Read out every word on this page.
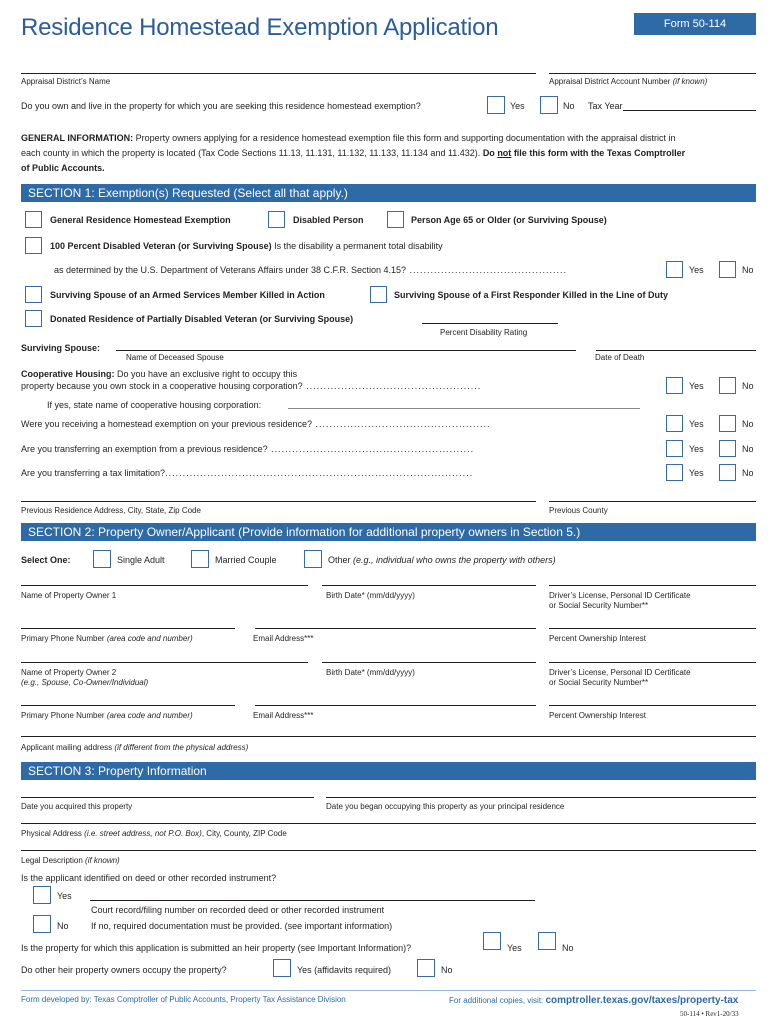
Residence Homestead Exemption Application	Form 50-114
Appraisal District’s Name	Appraisal District Account Number (if known)
Do you own and live in the property for which you are seeking this residence homestead exemption?	Yes	No Tax Year
GENERAL INFORMATION: Property owners applying for a residence homestead exemption file this form and supporting documentation with the appraisal district in
each county in which the property is located (Tax Code Sections 11.13, 11.131, 11.132, 11.133, 11.134 and 11.432). Do not file this form with the Texas Comptroller
of Public Accounts.
SECTION 1: Exemption(s) Requested (Select all that apply.)
General Residence Homestead Exemption	Disabled Person	Person Age 65 or Older (or Surviving Spouse)
100 Percent Disabled Veteran (or Surviving Spouse) Is the disability a permanent total disability
as determined by the U.S. Department of Veterans Affairs under 38 C.F.R. Section 4.15? .............................................	Yes	No
Surviving Spouse of an Armed Services Member Killed in Action	Surviving Spouse of a First Responder Killed in the Line of Duty
Donated Residence of Partially Disabled Veteran (or Surviving Spouse)
Percent Disability Rating
Surviving Spouse:
Name of Deceased Spouse	Date of Death
Cooperative Housing: Do you have an exclusive right to occupy this
property because you own stock in a cooperative housing corporation? ..................................................	Yes	No
If yes, state name of cooperative housing corporation:
Were you receiving a homestead exemption on your previous residence? ..................................................	Yes	No
Are you transferring an exemption from a previous residence? ..........................................................	Yes	No
Are you transferring a tax limitation?........................................................................................	Yes	No
Previous Residence Address, City, State, Zip Code	Previous County
SECTION 2: Property Owner/Applicant (Provide information for additional property owners in Section 5.)
Select One:	Single Adult	Married Couple	Other (e.g., individual who owns the property with others)
Name of Property Owner 1	Birth Date* (mm/dd/yyyy)	Driver’s License, Personal ID Certificate
or Social Security Number**
Primary Phone Number (area code and number)	Email Address***	Percent Ownership Interest
Name of Property Owner 2
(e.g., Spouse, Co-Owner/Individual)
Birth Date* (mm/dd/yyyy)	Driver’s License, Personal ID Certificate
or Social Security Number**
Primary Phone Number (area code and number)	Email Address***	Percent Ownership Interest
Applicant mailing address (if different from the physical address)
SECTION 3: Property Information
Date you acquired this property	Date you began occupying this property as your principal residence
Physical Address (i.e. street address, not P.O. Box), City, County, ZIP Code
Legal Description (if known)
Is the applicant identified on deed or other recorded instrument?
Yes
Court record/filing number on recorded deed or other recorded instrument
No If no, required documentation must be provided. (see important information)
Is the property for which this application is submitted an heir property (see Important Information)?	Yes	No
Do other heir property owners occupy the property?	Yes (affidavits required)	No
Form developed by: Texas Comptroller of Public Accounts, Property Tax Assistance Division	For additional copies, visit: comptroller.texas.gov/taxes/property-tax
50-114 • Rev1-20/33
